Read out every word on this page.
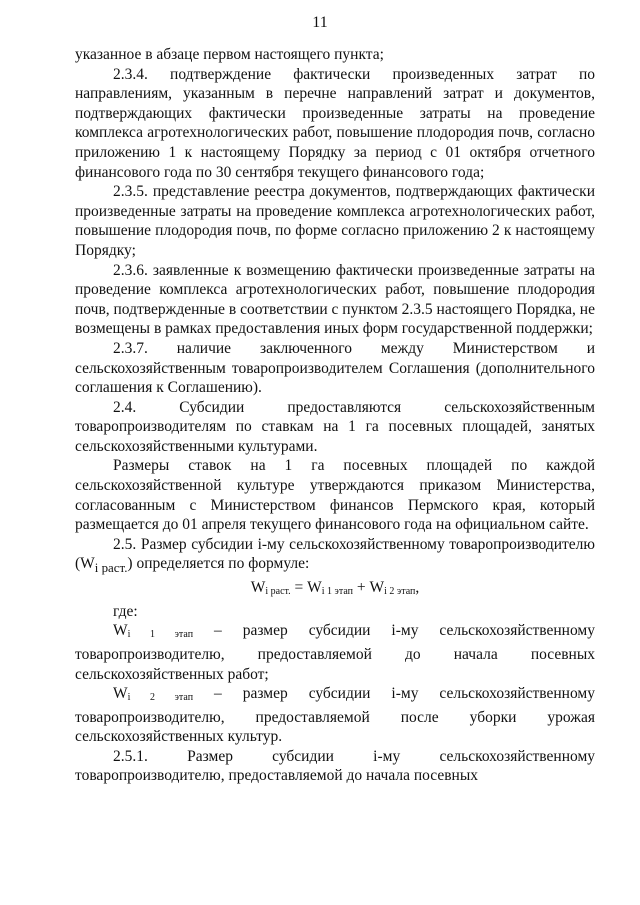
11

указанное в абзаце первом настоящего пункта;

2.3.4. подтверждение фактически произведенных затрат по направлениям, указанным в перечне направлений затрат и документов, подтверждающих фактически произведенные затраты на проведение комплекса агротехнологических работ, повышение плодородия почв, согласно приложению 1 к настоящему Порядку за период с 01 октября отчетного финансового года по 30 сентября текущего финансового года;

2.3.5. представление реестра документов, подтверждающих фактически произведенные затраты на проведение комплекса агротехнологических работ, повышение плодородия почв, по форме согласно приложению 2 к настоящему Порядку;

2.3.6. заявленные к возмещению фактически произведенные затраты на проведение комплекса агротехнологических работ, повышение плодородия почв, подтвержденные в соответствии с пунктом 2.3.5 настоящего Порядка, не возмещены в рамках предоставления иных форм государственной поддержки;

2.3.7. наличие заключенного между Министерством и сельскохозяйственным товаропроизводителем Соглашения (дополнительного соглашения к Соглашению).

2.4. Субсидии предоставляются сельскохозяйственным товаропроизводителям по ставкам на 1 га посевных площадей, занятых сельскохозяйственными культурами.

Размеры ставок на 1 га посевных площадей по каждой сельскохозяйственной культуре утверждаются приказом Министерства, согласованным с Министерством финансов Пермского края, который размещается до 01 апреля текущего финансового года на официальном сайте.

2.5. Размер субсидии i-му сельскохозяйственному товаропроизводителю $(W_{i раст.})$ определяется по формуле:

$W_{i раст.} = W_{i 1 этап} + W_{i 2 этап}$,

где:

$W_{i 1 этап}$ – размер субсидии i-му сельскохозяйственному товаропроизводителю, предоставляемой до начала посевных сельскохозяйственных работ;

$W_{i 2 этап}$ – размер субсидии i-му сельскохозяйственному товаропроизводителю, предоставляемой после уборки урожая сельскохозяйственных культур.

2.5.1. Размер субсидии i-му сельскохозяйственному товаропроизводителю, предоставляемой до начала посевных
